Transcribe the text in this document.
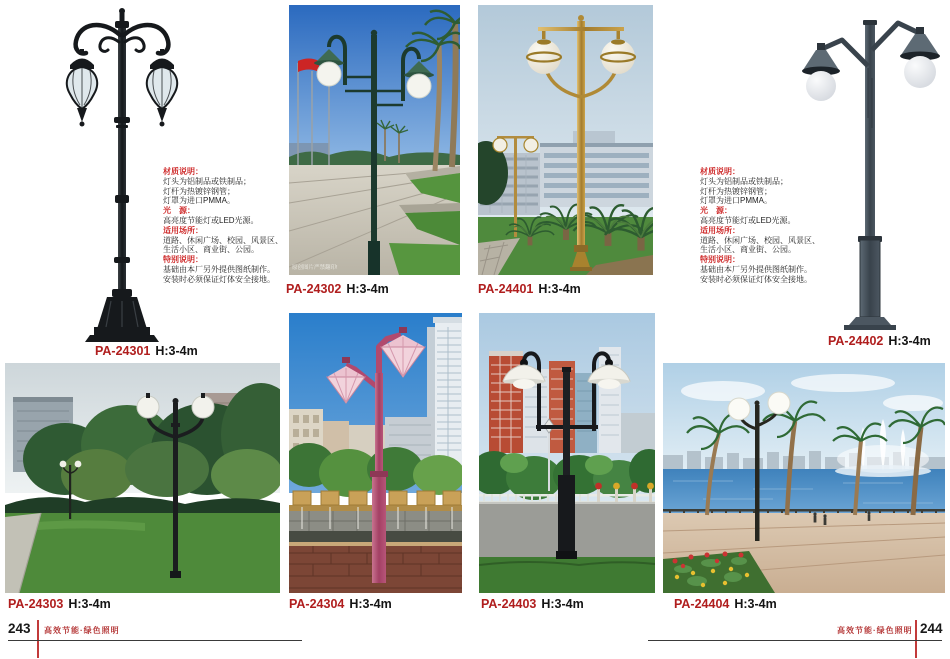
PA-24301 H:3-4m
材质说明：
灯头为铝制品或铁制品；
灯杆为热镀锌钢管；
灯罩为进口PMMA。
光　源：
高亮度节能灯或LED光源。
适用场所：
道路、休闲广场、校园、风景区、
生活小区、商业街、公园。
特别说明：
基础由本厂另外提供图纸制作。
安装时必须保证灯体安全接地。
原创图片严禁翻印!
PA-24302 H:3-4m	PA-24401 H:3-4m
PA-24402 H:3-4m
材质说明：
灯头为铝制品或铁制品；
灯杆为热镀锌钢管；
灯罩为进口PMMA。
光　源：
高亮度节能灯或LED光源。
适用场所：
道路、休闲广场、校园、风景区、
生活小区、商业街、公园。
特别说明：
基础由本厂另外提供图纸制作。
安装时必须保证灯体安全接地。
PA-24303 H:3-4m	PA-24304 H:3-4m	PA-24403 H:3-4m	PA-24404 H:3-4m
243 高效节能·绿色照明	高效节能·绿色照明 244
